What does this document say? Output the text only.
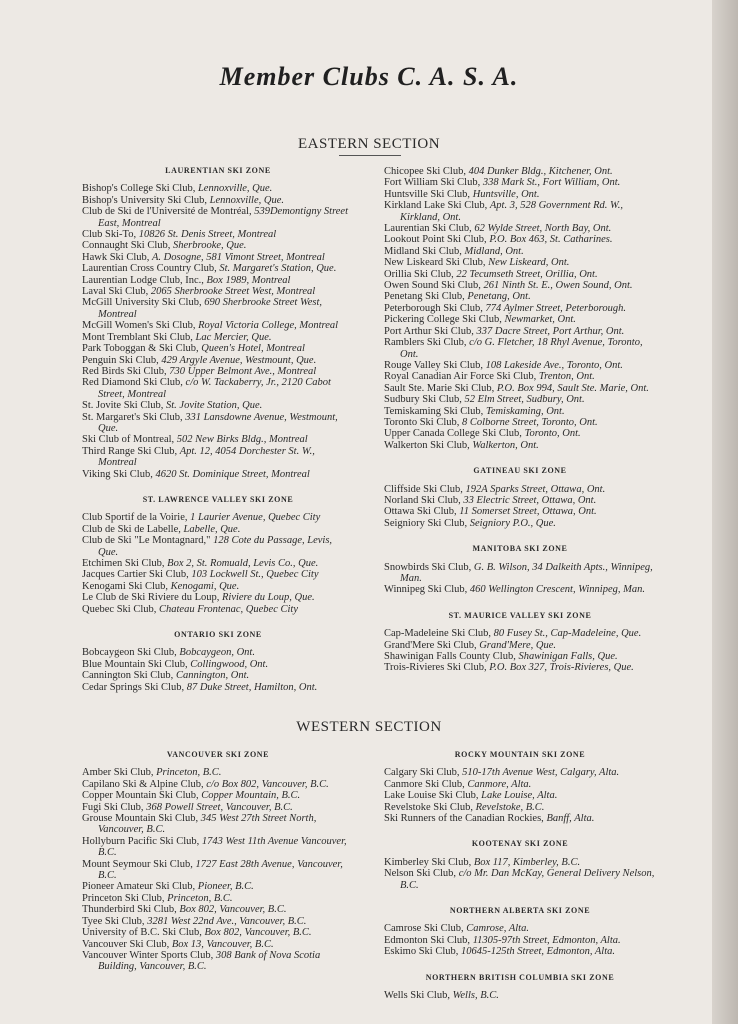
Member Clubs C. A. S. A.
EASTERN SECTION
LAURENTIAN SKI ZONE
Bishop's College Ski Club, Lennoxville, Que.
Bishop's University Ski Club, Lennoxville, Que.
Club de Ski de l'Université de Montréal, 539Demontigny Street East, Montreal
Club Ski-To, 10826 St. Denis Street, Montreal
Connaught Ski Club, Sherbrooke, Que.
Hawk Ski Club, A. Dosogne, 581 Vimont Street, Montreal
Laurentian Cross Country Club, St. Margaret's Station, Que.
Laurentian Lodge Club, Inc., Box 1989, Montreal
Laval Ski Club, 2065 Sherbrooke Street West, Montreal
McGill University Ski Club, 690 Sherbrooke Street West, Montreal
McGill Women's Ski Club, Royal Victoria College, Montreal
Mont Tremblant Ski Club, Lac Mercier, Que.
Park Toboggan & Ski Club, Queen's Hotel, Montreal
Penguin Ski Club, 429 Argyle Avenue, Westmount, Que.
Red Birds Ski Club, 730 Upper Belmont Ave., Montreal
Red Diamond Ski Club, c/o W. Tackaberry, Jr., 2120 Cabot Street, Montreal
St. Jovite Ski Club, St. Jovite Station, Que.
St. Margaret's Ski Club, 331 Lansdowne Avenue, Westmount, Que.
Ski Club of Montreal, 502 New Birks Bldg., Montreal
Third Range Ski Club, Apt. 12, 4054 Dorchester St. W., Montreal
Viking Ski Club, 4620 St. Dominique Street, Montreal
ST. LAWRENCE VALLEY SKI ZONE
Club Sportif de la Voirie, 1 Laurier Avenue, Quebec City
Club de Ski de Labelle, Labelle, Que.
Club de Ski "Le Montagnard," 128 Cote du Passage, Levis, Que.
Etchimen Ski Club, Box 2, St. Romuald, Levis Co., Que.
Jacques Cartier Ski Club, 103 Lockwell St., Quebec City
Kenogami Ski Club, Kenogami, Que.
Le Club de Ski Riviere du Loup, Riviere du Loup, Que.
Quebec Ski Club, Chateau Frontenac, Quebec City
ONTARIO SKI ZONE
Bobcaygeon Ski Club, Bobcaygeon, Ont.
Blue Mountain Ski Club, Collingwood, Ont.
Cannington Ski Club, Cannington, Ont.
Cedar Springs Ski Club, 87 Duke Street, Hamilton, Ont.
Chicopee Ski Club, 404 Dunker Bldg., Kitchener, Ont.
Fort William Ski Club, 338 Mark St., Fort William, Ont.
Huntsville Ski Club, Huntsville, Ont.
Kirkland Lake Ski Club, Apt. 3, 528 Government Rd. W., Kirkland, Ont.
Laurentian Ski Club, 62 Wylde Street, North Bay, Ont.
Lookout Point Ski Club, P.O. Box 463, St. Catharines.
Midland Ski Club, Midland, Ont.
New Liskeard Ski Club, New Liskeard, Ont.
Orillia Ski Club, 22 Tecumseth Street, Orillia, Ont.
Owen Sound Ski Club, 261 Ninth St. E., Owen Sound, Ont.
Penetang Ski Club, Penetang, Ont.
Peterborough Ski Club, 774 Aylmer Street, Peterborough.
Pickering College Ski Club, Newmarket, Ont.
Port Arthur Ski Club, 337 Dacre Street, Port Arthur, Ont.
Ramblers Ski Club, c/o G. Fletcher, 18 Rhyl Avenue, Toronto, Ont.
Rouge Valley Ski Club, 108 Lakeside Ave., Toronto, Ont.
Royal Canadian Air Force Ski Club, Trenton, Ont.
Sault Ste. Marie Ski Club, P.O. Box 994, Sault Ste. Marie, Ont.
Sudbury Ski Club, 52 Elm Street, Sudbury, Ont.
Temiskaming Ski Club, Temiskaming, Ont.
Toronto Ski Club, 8 Colborne Street, Toronto, Ont.
Upper Canada College Ski Club, Toronto, Ont.
Walkerton Ski Club, Walkerton, Ont.
GATINEAU SKI ZONE
Cliffside Ski Club, 192A Sparks Street, Ottawa, Ont.
Norland Ski Club, 33 Electric Street, Ottawa, Ont.
Ottawa Ski Club, 11 Somerset Street, Ottawa, Ont.
Seigniory Ski Club, Seigniory P.O., Que.
MANITOBA SKI ZONE
Snowbirds Ski Club, G. B. Wilson, 34 Dalkeith Apts., Winnipeg, Man.
Winnipeg Ski Club, 460 Wellington Crescent, Winnipeg, Man.
ST. MAURICE VALLEY SKI ZONE
Cap-Madeleine Ski Club, 80 Fusey St., Cap-Madeleine, Que.
Grand'Mere Ski Club, Grand'Mere, Que.
Shawinigan Falls County Club, Shawinigan Falls, Que.
Trois-Rivieres Ski Club, P.O. Box 327, Trois-Rivieres, Que.
WESTERN SECTION
VANCOUVER SKI ZONE
Amber Ski Club, Princeton, B.C.
Capilano Ski & Alpine Club, c/o Box 802, Vancouver, B.C.
Copper Mountain Ski Club, Copper Mountain, B.C.
Fugi Ski Club, 368 Powell Street, Vancouver, B.C.
Grouse Mountain Ski Club, 345 West 27th Street North, Vancouver, B.C.
Hollyburn Pacific Ski Club, 1743 West 11th Avenue Vancouver, B.C.
Mount Seymour Ski Club, 1727 East 28th Avenue, Vancouver, B.C.
Pioneer Amateur Ski Club, Pioneer, B.C.
Princeton Ski Club, Princeton, B.C.
Thunderbird Ski Club, Box 802, Vancouver, B.C.
Tyee Ski Club, 3281 West 22nd Ave., Vancouver, B.C.
University of B.C. Ski Club, Box 802, Vancouver, B.C.
Vancouver Ski Club, Box 13, Vancouver, B.C.
Vancouver Winter Sports Club, 308 Bank of Nova Scotia Building, Vancouver, B.C.
ROCKY MOUNTAIN SKI ZONE
Calgary Ski Club, 510-17th Avenue West, Calgary, Alta.
Canmore Ski Club, Canmore, Alta.
Lake Louise Ski Club, Lake Louise, Alta.
Revelstoke Ski Club, Revelstoke, B.C.
Ski Runners of the Canadian Rockies, Banff, Alta.
KOOTENAY SKI ZONE
Kimberley Ski Club, Box 117, Kimberley, B.C.
Nelson Ski Club, c/o Mr. Dan McKay, General Delivery Nelson, B.C.
NORTHERN ALBERTA SKI ZONE
Camrose Ski Club, Camrose, Alta.
Edmonton Ski Club, 11305-97th Street, Edmonton, Alta.
Eskimo Ski Club, 10645-125th Street, Edmonton, Alta.
NORTHERN BRITISH COLUMBIA SKI ZONE
Wells Ski Club, Wells, B.C.
